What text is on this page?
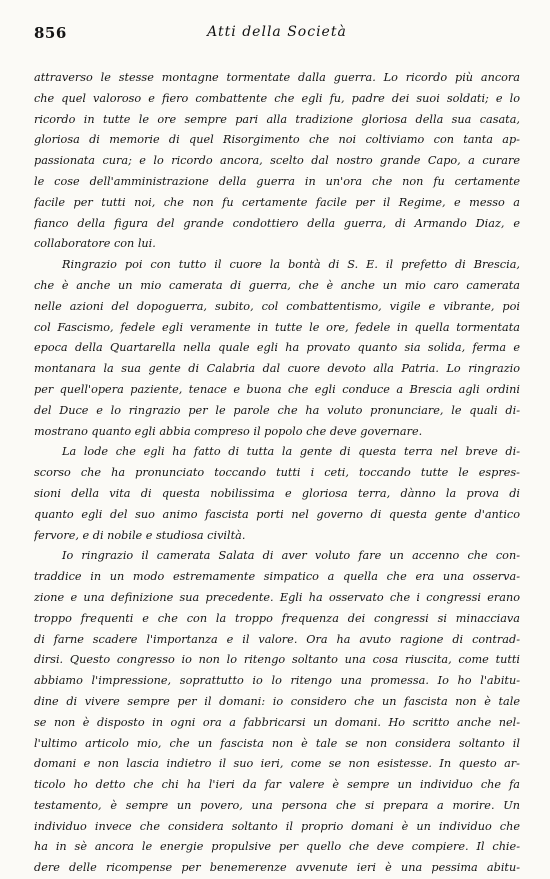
856	Atti della Società

attraverso le stesse montagne tormentate dalla guerra. Lo ricordo più ancora
che quel valoroso e fiero combattente che egli fu, padre dei suoi soldati; e lo
ricordo in tutte le ore sempre pari alla tradizione gloriosa della sua casata,
gloriosa di memorie di quel Risorgimento che noi coltiviamo con tanta ap-
passionata cura; e lo ricordo ancora, scelto dal nostro grande Capo, a curare
le cose dell'amministrazione della guerra in un'ora che non fu certamente
facile per tutti noi, che non fu certamente facile per il Regime, e messo a
fianco della figura del grande condottiero della guerra, di Armando Diaz, e
collaboratore con lui.

Ringrazio poi con tutto il cuore la bontà di S. E. il prefetto di Brescia,
che è anche un mio camerata di guerra, che è anche un mio caro camerata
nelle azioni del dopoguerra, subito, col combattentismo, vigile e vibrante, poi
col Fascismo, fedele egli veramente in tutte le ore, fedele in quella tormentata
epoca della Quartarella nella quale egli ha provato quanto sia solida, ferma e
montanara la sua gente di Calabria dal cuore devoto alla Patria. Lo ringrazio
per quell'opera paziente, tenace e buona che egli conduce a Brescia agli ordini
del Duce e lo ringrazio per le parole che ha voluto pronunciare, le quali di-
mostrano quanto egli abbia compreso il popolo che deve governare.

La lode che egli ha fatto di tutta la gente di questa terra nel breve di-
scorso che ha pronunciato toccando tutti i ceti, toccando tutte le espres-
sioni della vita di questa nobilissima e gloriosa terra, dànno la prova di
quanto egli del suo animo fascista porti nel governo di questa gente d'antico
fervore, e di nobile e studiosa civiltà.

Io ringrazio il camerata Salata di aver voluto fare un accenno che con-
traddice in un modo estremamente simpatico a quella che era una osserva-
zione e una definizione sua precedente. Egli ha osservato che i congressi erano
troppo frequenti e che con la troppo frequenza dei congressi si minacciava
di farne scadere l'importanza e il valore. Ora ha avuto ragione di contrad-
dirsi. Questo congresso io non lo ritengo soltanto una cosa riuscita, come tutti
abbiamo l'impressione, soprattutto io lo ritengo una promessa. Io ho l'abitu-
dine di vivere sempre per il domani: io considero che un fascista non è tale
se non è disposto in ogni ora a fabbricarsi un domani. Ho scritto anche nel-
l'ultimo articolo mio, che un fascista non è tale se non considera soltanto il
domani e non lascia indietro il suo ieri, come se non esistesse. In questo ar-
ticolo ho detto che chi ha l'ieri da far valere è sempre un individuo che fa
testamento, è sempre un povero, una persona che si prepara a morire. Un
individuo invece che considera soltanto il proprio domani è un individuo che
ha in sè ancora le energie propulsive per quello che deve compiere. Il chie-
dere delle ricompense per benemerenze avvenute ieri è una pessima abitu-
